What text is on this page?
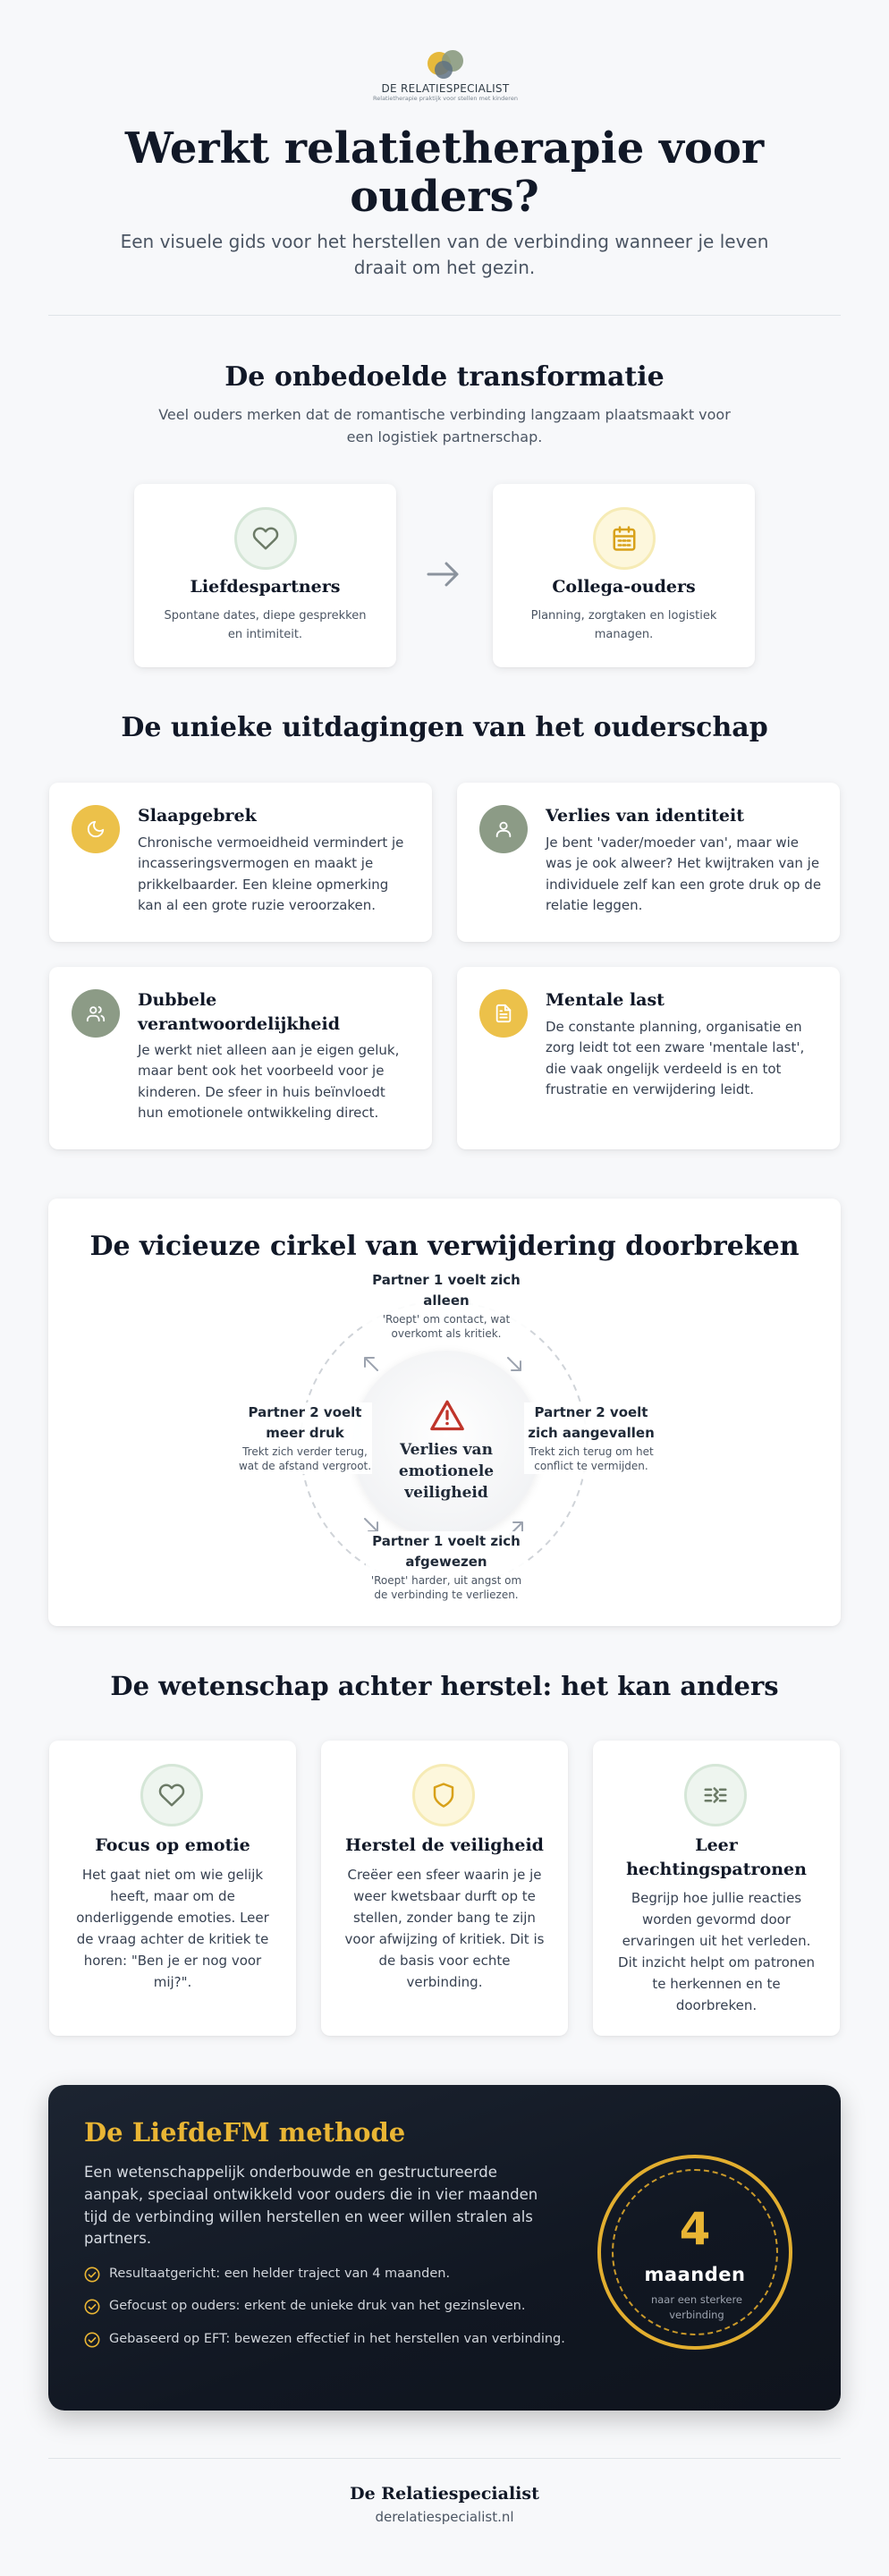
DE RELATIESPECIALIST
Relatietherapie praktijk voor stellen met kinderen
Werkt relatietherapie voor ouders?

Een visuele gids voor het herstellen van de verbinding wanneer je leven draait om het gezin.

De onbedoelde transformatie

Veel ouders merken dat de romantische verbinding langzaam plaatsmaakt voor een logistiek partnerschap.

Liefdespartners

Spontane dates, diepe gesprekken en intimiteit.

Collega-ouders

Planning, zorgtaken en logistiek managen.

De unieke uitdagingen van het ouderschap
Slaapgebrek

Chronische vermoeidheid vermindert je incasseringsvermogen en maakt je prikkelbaarder. Een kleine opmerking kan al een grote ruzie veroorzaken.

Verlies van identiteit

Je bent 'vader/moeder van', maar wie was je ook alweer? Het kwijtraken van je individuele zelf kan een grote druk op de relatie leggen.

Dubbele verantwoordelijkheid

Je werkt niet alleen aan je eigen geluk, maar bent ook het voorbeeld voor je kinderen. De sfeer in huis beïnvloedt hun emotionele ontwikkeling direct.

Mentale last

De constante planning, organisatie en zorg leidt tot een zware 'mentale last', die vaak ongelijk verdeeld is en tot frustratie en verwijdering leidt.

De vicieuze cirkel van verwijdering doorbreken
Verlies van emotionele veiligheid
Partner 1 voelt zich alleen
'Roept' om contact, wat overkomt als kritiek.
Partner 2 voelt zich aangevallen
Trekt zich terug om het conflict te vermijden.
Partner 1 voelt zich afgewezen
'Roept' harder, uit angst om de verbinding te verliezen.
Partner 2 voelt meer druk
Trekt zich verder terug, wat de afstand vergroot.
De wetenschap achter herstel: het kan anders
Focus op emotie

Het gaat niet om wie gelijk heeft, maar om de onderliggende emoties. Leer de vraag achter de kritiek te horen: "Ben je er nog voor mij?".

Herstel de veiligheid

Creëer een sfeer waarin je je weer kwetsbaar durft op te stellen, zonder bang te zijn voor afwijzing of kritiek. Dit is de basis voor echte verbinding.

Leer hechtingspatronen

Begrijp hoe jullie reacties worden gevormd door ervaringen uit het verleden. Dit inzicht helpt om patronen te herkennen en te doorbreken.

De LiefdeFM methode

Een wetenschappelijk onderbouwde en gestructureerde aanpak, speciaal ontwikkeld voor ouders die in vier maanden tijd de verbinding willen herstellen en weer willen stralen als partners.

Resultaatgericht: een helder traject van 4 maanden.
Gefocust op ouders: erkent de unieke druk van het gezinsleven.
Gebaseerd op EFT: bewezen effectief in het herstellen van verbinding.
4
maanden
naar een sterkere verbinding
De Relatiespecialist
derelatiespecialist.nl
